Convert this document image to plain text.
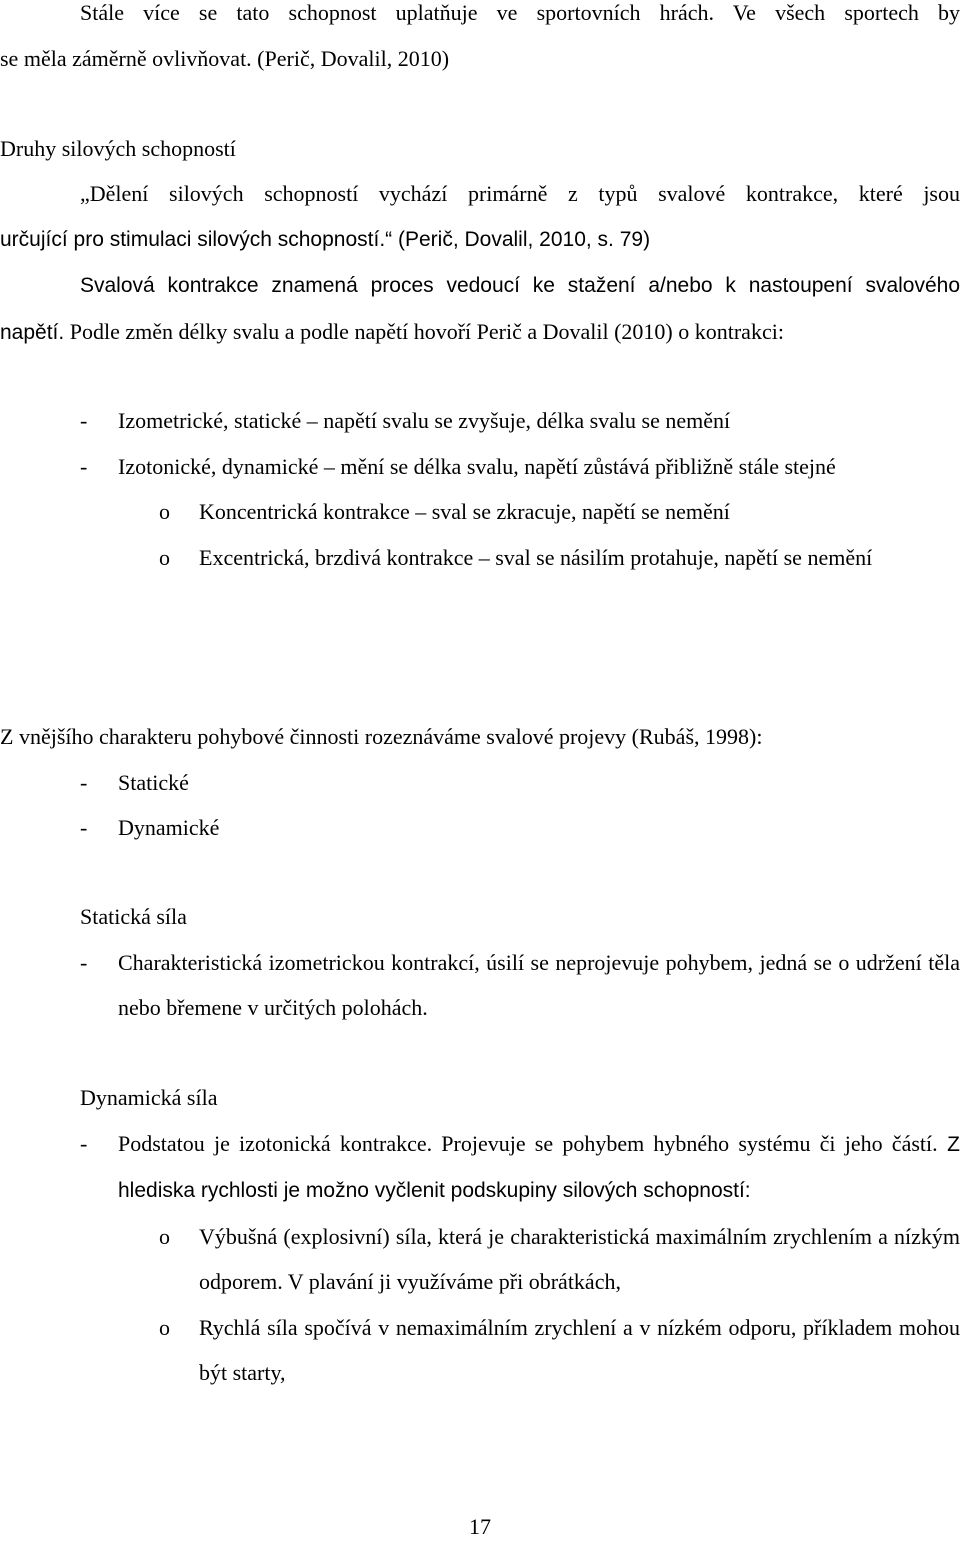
Stále více se tato schopnost uplatňuje ve sportovních hrách. Ve všech sportech by

se měla záměrně ovlivňovat. (Perič, Dovalil, 2010)

Druhy silových schopností

„Dělení silových schopností vychází primárně z typů svalové kontrakce, které jsou

určující pro stimulaci silových schopností.“ (Perič, Dovalil, 2010, s. 79)

Svalová kontrakce znamená proces vedoucí ke stažení a/nebo k nastoupení svalového napětí. Podle změn délky svalu a podle napětí hovoří Perič a Dovalil (2010) o kontrakci:

-	Izometrické, statické – napětí svalu se zvyšuje, délka svalu se nemění
-	Izotonické, dynamické – mění se délka svalu, napětí zůstává přibližně stále stejné
o	Koncentrická kontrakce – sval se zkracuje, napětí se nemění
o	Excentrická, brzdivá kontrakce – sval se násilím protahuje, napětí se nemění

Z vnějšího charakteru pohybové činnosti rozeznáváme svalové projevy (Rubáš, 1998):

-	Statické
-	Dynamické

Statická síla

-	Charakteristická izometrickou kontrakcí, úsilí se neprojevuje pohybem, jedná se o udržení těla nebo břemene v určitých polohách.

Dynamická síla

-	Podstatou je izotonická kontrakce. Projevuje se pohybem hybného systému či jeho částí. Z hlediska rychlosti je možno vyčlenit podskupiny silových schopností:
o	Výbušná (explosivní) síla, která je charakteristická maximálním zrychlením a nízkým odporem. V plavání ji využíváme při obrátkách,
o	Rychlá síla spočívá v nemaximálním zrychlení a v nízkém odporu, příkladem mohou být starty,
17
